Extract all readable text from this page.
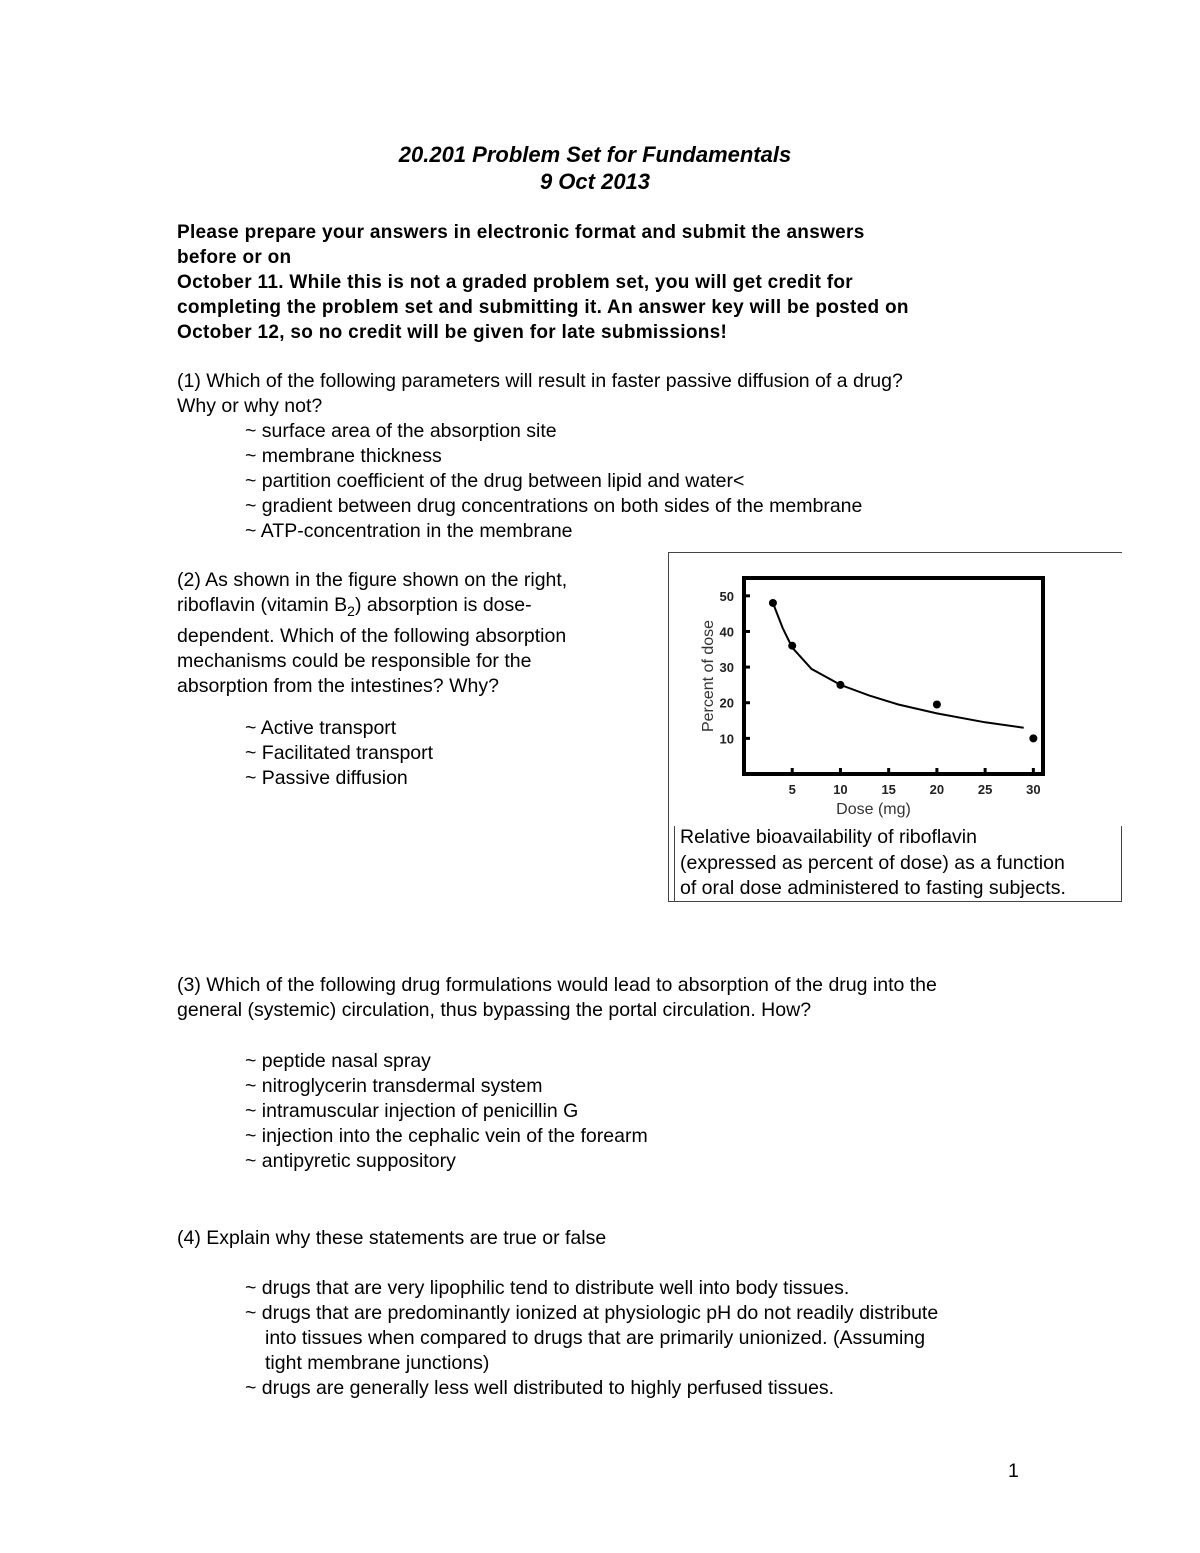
20.201 Problem Set for Fundamentals
9 Oct 2013
Please prepare your answers in electronic format and submit the answers
before or on
October 11. While this is not a graded problem set, you will get credit for
completing the problem set and submitting it. An answer key will be posted on
October 12, so no credit will be given for late submissions!
(1) Which of the following parameters will result in faster passive diffusion of a drug?
Why or why not?
~ surface area of the absorption site
~ membrane thickness
~ partition coefficient of the drug between lipid and water<
~ gradient between drug concentrations on both sides of the membrane
~ ATP-concentration in the membrane
(2) As shown in the figure shown on the right,
riboflavin (vitamin $B_2$) absorption is dose-
dependent. Which of the following absorption
mechanisms could be responsible for the
absorption from the intestines? Why?
~ Active transport
~ Facilitated transport
~ Passive diffusion
10
20
30
40
50
5	10	15	20	25	30
Dose (mg)
Percent of dose
Relative bioavailability of riboflavin
(expressed as percent of dose) as a function
of oral dose administered to fasting subjects.
(3) Which of the following drug formulations would lead to absorption of the drug into the
general (systemic) circulation, thus bypassing the portal circulation. How?
~ peptide nasal spray
~ nitroglycerin transdermal system
~ intramuscular injection of penicillin G
~ injection into the cephalic vein of the forearm
~ antipyretic suppository
(4) Explain why these statements are true or false
~ drugs that are very lipophilic tend to distribute well into body tissues.
~ drugs that are predominantly ionized at physiologic pH do not readily distribute
into tissues when compared to drugs that are primarily unionized. (Assuming
tight membrane junctions)
~ drugs are generally less well distributed to highly perfused tissues.
1
